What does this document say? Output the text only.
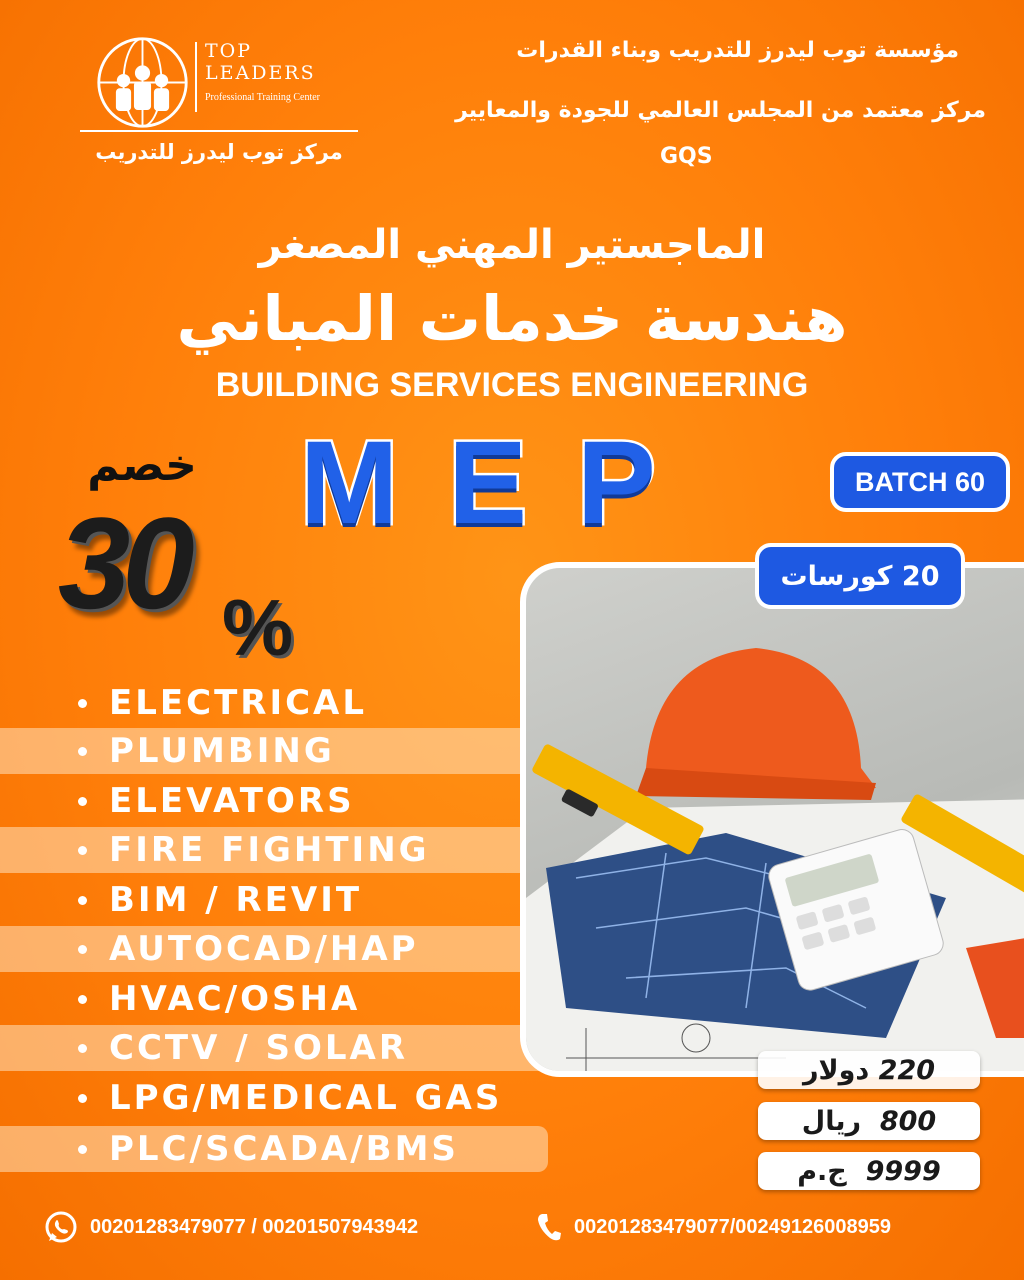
TOP
LEADERS
Professional Training Center
مركز توب ليدرز للتدريب
مؤسسة توب ليدرز للتدريب وبناء القدرات
مركز معتمد من المجلس العالمي للجودة والمعايير
GQS
الماجستير المهني المصغر
هندسة خدمات المباني
BUILDING SERVICES ENGINEERING
MEP	BATCH 60
20 كورسات
خصم
30 %
ELECTRICAL
PLUMBING
ELEVATORS
FIRE FIGHTING
BIM / REVIT
AUTOCAD/HAP
HVAC/OSHA
CCTV / SOLAR
LPG/MEDICAL GAS
PLC/SCADA/BMS
220

دولار
800

ريال
9999

ج.م
00201283479077 / 00201507943942	00201283479077/00249126008959
